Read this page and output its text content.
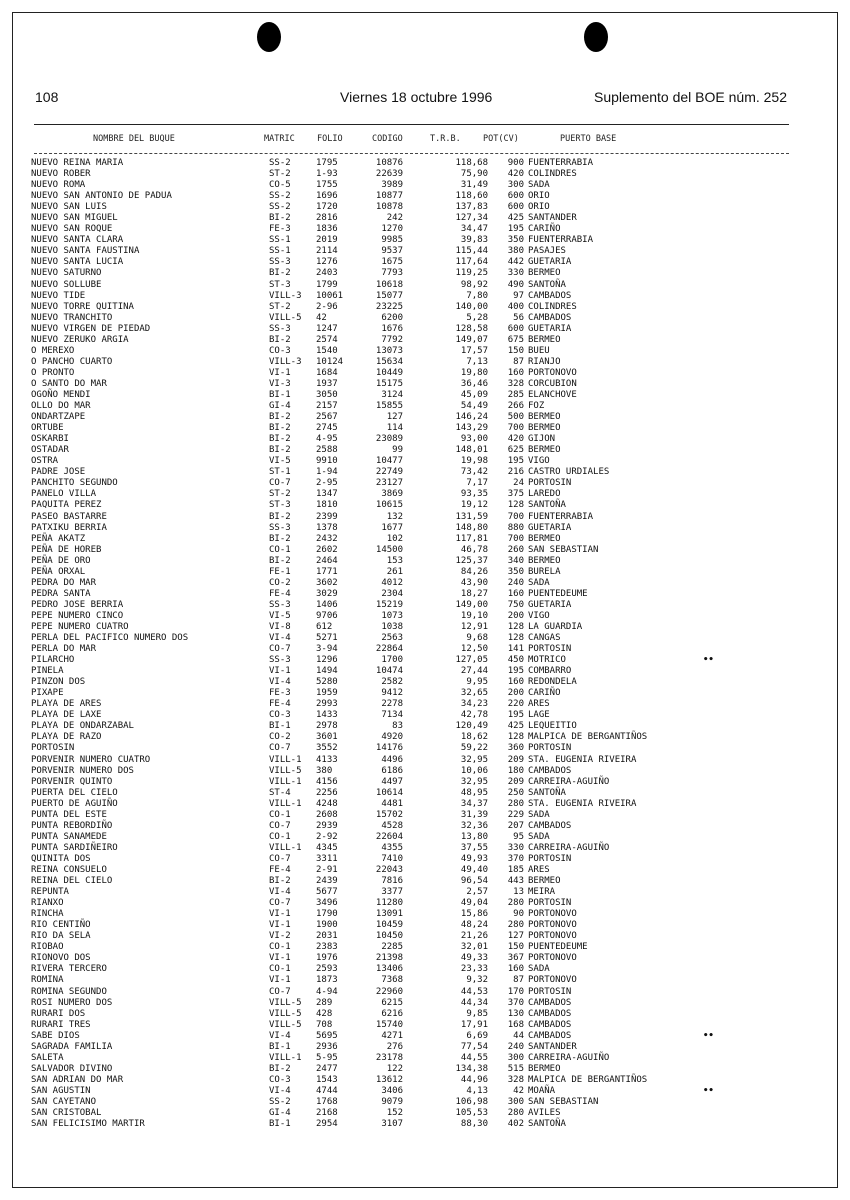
108	Viernes 18 octubre 1996	Suplemento del BOE núm. 252
NOMBRE DEL BUQUE	MATRIC	FOLIO	CODIGO	T.R.B.	POT(CV)	PUERTO BASE
NUEVO REINA MARIA	SS-2	1795	10876	118,68 900 FUENTERRABIA
NUEVO ROBER	ST-2	1-93	22639	75,90 420 COLINDRES
NUEVO ROMA	CO-5	1755	3989	31,49 300 SADA
NUEVO SAN ANTONIO DE PADUA	SS-2	1696	10877	118,60 600 ORIO
NUEVO SAN LUIS	SS-2	1720	10878	137,83 600 ORIO
NUEVO SAN MIGUEL	BI-2	2816	242	127,34 425 SANTANDER
NUEVO SAN ROQUE	FE-3	1836	1270	34,47 195 CARIÑO
NUEVO SANTA CLARA	SS-1	2019	9985	39,83 350 FUENTERRABIA
NUEVO SANTA FAUSTINA	SS-1	2114	9537	115,44 380 PASAJES
NUEVO SANTA LUCIA	SS-3	1276	1675	117,64 442 GUETARIA
NUEVO SATURNO	BI-2	2403	7793	119,25 330 BERMEO
NUEVO SOLLUBE	ST-3	1799	10618	98,92 490 SANTOÑA
NUEVO TIDE	VILL-3 10061	15077	7,80	97 CAMBADOS
NUEVO TORRE QUITINA	ST-2	2-96	23225	140,00 400 COLINDRES
NUEVO TRANCHITO	VILL-5 42	6200	5,28	56 CAMBADOS
NUEVO VIRGEN DE PIEDAD	SS-3	1247	1676	128,58 600 GUETARIA
NUEVO ZERUKO ARGIA	BI-2	2574	7792	149,07 675 BERMEO
O MEREXO	CO-3	1540	13073	17,57 150 BUEU
O PANCHO CUARTO	VILL-3 10124	15634	7,13	87 RIANJO
O PRONTO	VI-1	1684	10449	19,80 160 PORTONOVO
O SANTO DO MAR	VI-3	1937	15175	36,46 328 CORCUBION
OGOÑO MENDI	BI-1	3050	3124	45,09 285 ELANCHOVE
OLLO DO MAR	GI-4	2157	15855	54,49 266 FOZ
ONDARTZAPE	BI-2	2567	127	146,24 500 BERMEO
ORTUBE	BI-2	2745	114	143,29 700 BERMEO
OSKARBI	BI-2	4-95	23089	93,00 420 GIJON
OSTADAR	BI-2	2588	99	148,01 625 BERMEO
OSTRA	VI-5	9910	10477	19,98 195 VIGO
PADRE JOSE	ST-1	1-94	22749	73,42 216 CASTRO URDIALES
PANCHITO SEGUNDO	CO-7	2-95	23127	7,17	24 PORTOSIN
PANELO VILLA	ST-2	1347	3869	93,35 375 LAREDO
PAQUITA PEREZ	ST-3	1810	10615	19,12 128 SANTOÑA
PASEO BASTARRE	BI-2	2399	132	131,59 700 FUENTERRABIA
PATXIKU BERRIA	SS-3	1378	1677	148,80 880 GUETARIA
PEÑA AKATZ	BI-2	2432	102	117,81 700 BERMEO
PEÑA DE HOREB	CO-1	2602	14500	46,78 260 SAN SEBASTIAN
PEÑA DE ORO	BI-2	2464	153	125,37 340 BERMEO
PEÑA ORXAL	FE-1	1771	261	84,26 350 BURELA
PEDRA DO MAR	CO-2	3602	4012	43,90 240 SADA
PEDRA SANTA	FE-4	3029	2304	18,27 160 PUENTEDEUME
PEDRO JOSE BERRIA	SS-3	1406	15219	149,00 750 GUETARIA
PEPE NUMERO CINCO	VI-5	9706	1073	19,10 200 VIGO
PEPE NUMERO CUATRO	VI-8	612	1038	12,91 128 LA GUARDIA
PERLA DEL PACIFICO NUMERO DOS	VI-4	5271	2563	9,68 128 CANGAS
PERLA DO MAR	CO-7	3-94	22864	12,50 141 PORTOSIN
PILARCHO	SS-3	1296	1700	127,05 450 MOTRICO	••
PINELA	VI-1	1494	10474	27,44 195 COMBARRO
PINZON DOS	VI-4	5280	2582	9,95 160 REDONDELA
PIXAPE	FE-3	1959	9412	32,65 200 CARIÑO
PLAYA DE ARES	FE-4	2993	2278	34,23 220 ARES
PLAYA DE LAXE	CO-3	1433	7134	42,78 195 LAGE
PLAYA DE ONDARZABAL	BI-1	2978	83	120,49 425 LEQUEITIO
PLAYA DE RAZO	CO-2	3601	4920	18,62 128 MALPICA DE BERGANTIÑOS
PORTOSIN	CO-7	3552	14176	59,22 360 PORTOSIN
PORVENIR NUMERO CUATRO	VILL-1 4133	4496	32,95 209 STA. EUGENIA RIVEIRA
PORVENIR NUMERO DOS	VILL-5 380	6186	10,06 180 CAMBADOS
PORVENIR QUINTO	VILL-1 4156	4497	32,95 209 CARREIRA-AGUIÑO
PUERTA DEL CIELO	ST-4	2256	10614	48,95 250 SANTOÑA
PUERTO DE AGUIÑO	VILL-1 4248	4481	34,37 280 STA. EUGENIA RIVEIRA
PUNTA DEL ESTE	CO-1	2608	15702	31,39 229 SADA
PUNTA REBORDIÑO	CO-7	2939	4528	32,36 207 CAMBADOS
PUNTA SANAMEDE	CO-1	2-92	22604	13,80	95 SADA
PUNTA SARDIÑEIRO	VILL-1 4345	4355	37,55 330 CARREIRA-AGUIÑO
QUINITA DOS	CO-7	3311	7410	49,93 370 PORTOSIN
REINA CONSUELO	FE-4	2-91	22043	49,40 185 ARES
REINA DEL CIELO	BI-2	2439	7816	96,54 443 BERMEO
REPUNTA	VI-4	5677	3377	2,57	13 MEIRA
RIANXO	CO-7	3496	11280	49,04 280 PORTOSIN
RINCHA	VI-1	1790	13091	15,86	90 PORTONOVO
RIO CENTIÑO	VI-1	1900	10459	48,24 280 PORTONOVO
RIO DA SELA	VI-2	2031	10450	21,26 127 PORTONOVO
RIOBAO	CO-1	2383	2285	32,01 150 PUENTEDEUME
RIONOVO DOS	VI-1	1976	21398	49,33 367 PORTONOVO
RIVERA TERCERO	CO-1	2593	13406	23,33 160 SADA
ROMINA	VI-1	1873	7368	9,32	87 PORTONOVO
ROMINA SEGUNDO	CO-7	4-94	22960	44,53 170 PORTOSIN
ROSI NUMERO DOS	VILL-5 289	6215	44,34 370 CAMBADOS
RURARI DOS	VILL-5 428	6216	9,85 130 CAMBADOS
RURARI TRES	VILL-5 708	15740	17,91 168 CAMBADOS
SABE DIOS	VI-4	5695	4271	6,69	44 CAMBADOS	••
SAGRADA FAMILIA	BI-1	2936	276	77,54 240 SANTANDER
SALETA	VILL-1 5-95	23178	44,55 300 CARREIRA-AGUIÑO
SALVADOR DIVINO	BI-2	2477	122	134,38 515 BERMEO
SAN ADRIAN DO MAR	CO-3	1543	13612	44,96 328 MALPICA DE BERGANTIÑOS
SAN AGUSTIN	VI-4	4744	3406	4,13	42 MOAÑA	••
SAN CAYETANO	SS-2	1768	9079	106,98 300 SAN SEBASTIAN
SAN CRISTOBAL	GI-4	2168	152	105,53 280 AVILES
SAN FELICISIMO MARTIR	BI-1	2954	3107	88,30 402 SANTOÑA
